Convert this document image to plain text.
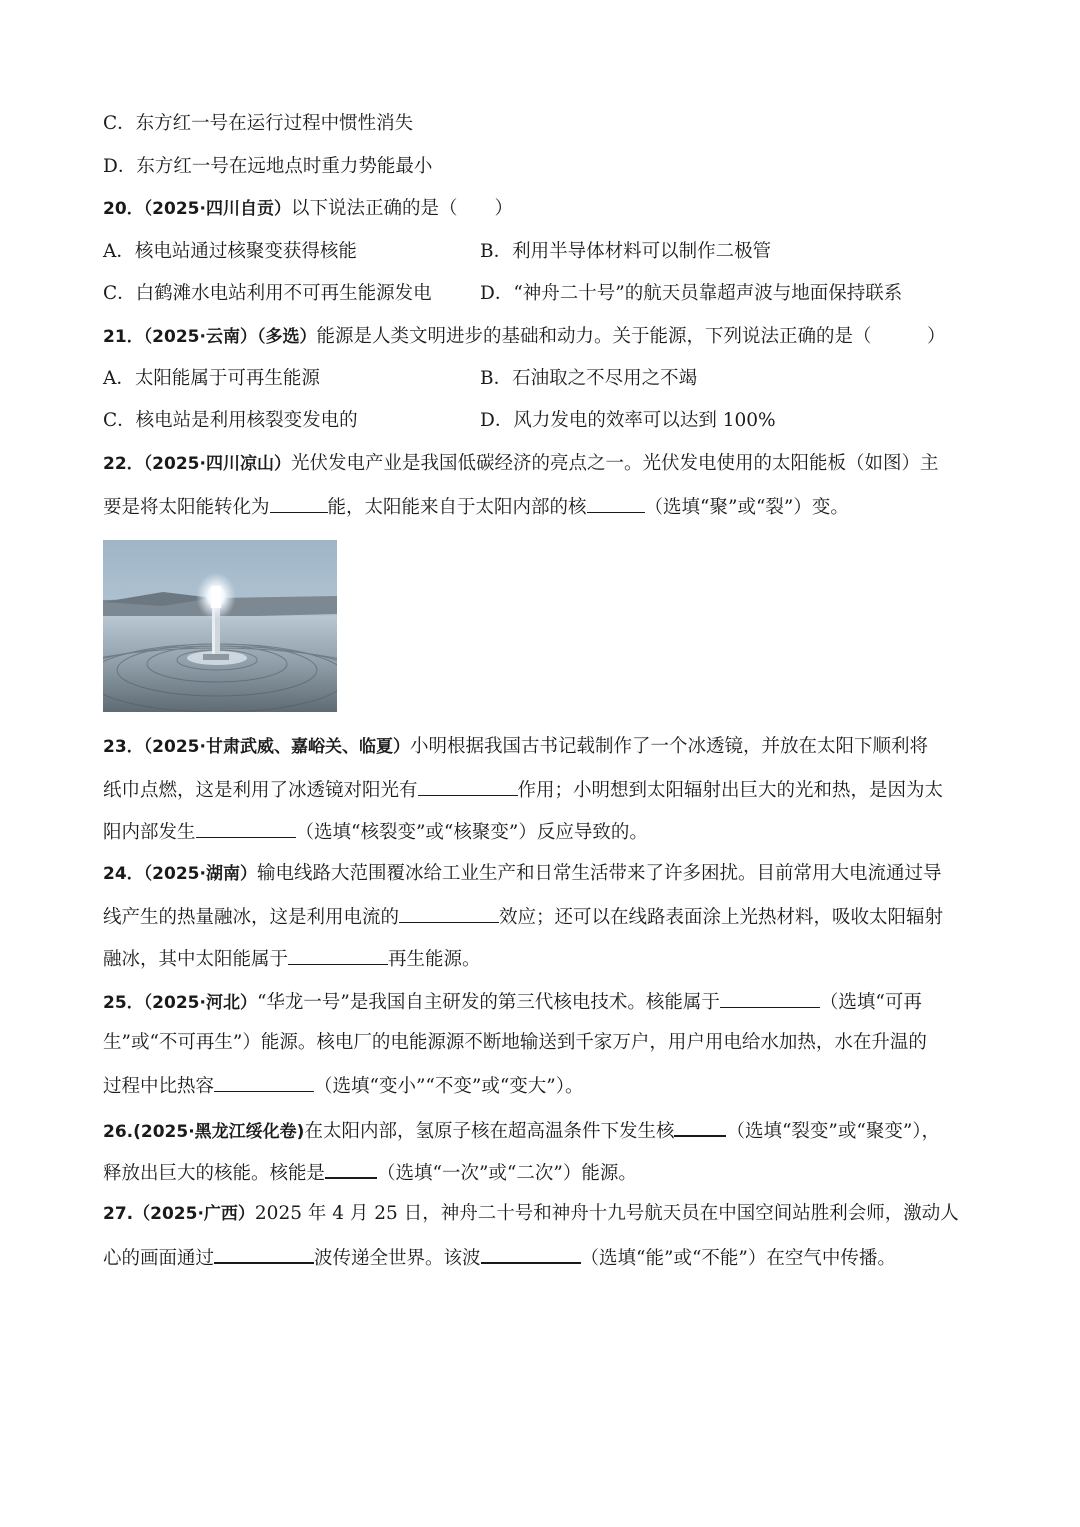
C．东方红一号在运行过程中惯性消失
D．东方红一号在远地点时重力势能最小
20．（2025·四川自贡）以下说法正确的是（　　）
A．核电站通过核聚变获得核能	B．利用半导体材料可以制作二极管
C．白鹤滩水电站利用不可再生能源发电	D．“神舟二十号”的航天员靠超声波与地面保持联系
21．（2025·云南）（多选）能源是人类文明进步的基础和动力。关于能源，下列说法正确的是（　　　）
A．太阳能属于可再生能源	B．石油取之不尽用之不竭
C．核电站是利用核裂变发电的	D．风力发电的效率可以达到 100%
22．（2025·四川凉山）光伏发电产业是我国低碳经济的亮点之一。光伏发电使用的太阳能板（如图）主
要是将太阳能转化为	能，太阳能来自于太阳内部的核	（选填“聚”或“裂”）变。
23．（2025·甘肃武威、嘉峪关、临夏）小明根据我国古书记载制作了一个冰透镜，并放在太阳下顺利将
纸巾点燃，这是利用了冰透镜对阳光有	作用；小明想到太阳辐射出巨大的光和热，是因为太
阳内部发生	（选填“核裂变”或“核聚变”）反应导致的。
24．（2025·湖南）输电线路大范围覆冰给工业生产和日常生活带来了许多困扰。目前常用大电流通过导
线产生的热量融冰，这是利用电流的	效应；还可以在线路表面涂上光热材料，吸收太阳辐射
融冰，其中太阳能属于	再生能源。
25．（2025·河北）“华龙一号”是我国自主研发的第三代核电技术。核能属于	（选填“可再
生”或“不可再生”）能源。核电厂的电能源源不断地输送到千家万户，用户用电给水加热，水在升温的
过程中比热容	（选填“变小”“不变”或“变大”）。
26.(2025·黑龙江绥化卷)在太阳内部，氢原子核在超高温条件下发生核	（选填“裂变”或“聚变”），
释放出巨大的核能。核能是	（选填“一次”或“二次”）能源。
27.（2025·广西）2025 年 4 月 25 日，神舟二十号和神舟十九号航天员在中国空间站胜利会师，激动人
心的画面通过	波传递全世界。该波	（选填“能”或“不能”）在空气中传播。
